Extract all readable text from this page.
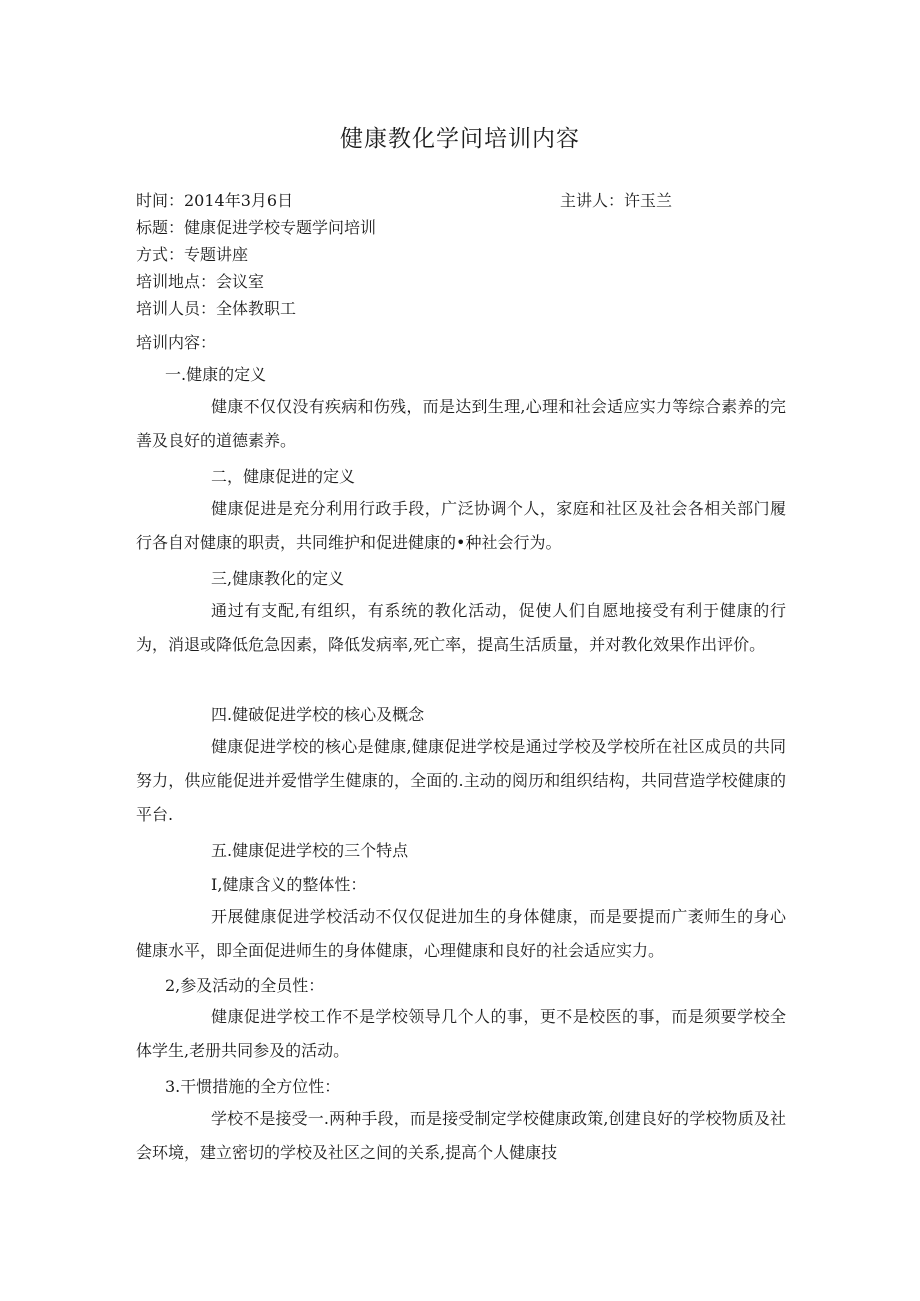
健康教化学问培训内容
时间：2014年3月6日	主讲人：许玉兰
标题：健康促进学校专题学问培训
方式：专题讲座
培训地点：会议室
培训人员：全体教职工
培训内容：
一.健康的定义
健康不仅仅没有疾病和伤残，而是达到生理,心理和社会适应实力等综合素养的完善及良好的道德素养。
二，健康促进的定义
健康促进是充分利用行政手段，广泛协调个人，家庭和社区及社会各相关部门履行各自对健康的职责，共同维护和促进健康的•种社会行为。
三,健康教化的定义
通过有支配,有组织，有系统的教化活动，促使人们自愿地接受有利于健康的行为，消退或降低危急因素，降低发病率,死亡率，提高生活质量，并对教化效果作出评价。
四.健破促进学校的核心及概念
健康促进学校的核心是健康,健康促进学校是通过学校及学校所在社区成员的共同努力，供应能促进并爱惜学生健康的，全面的.主动的阅历和组织结构，共同营造学校健康的平台.
五.健康促进学校的三个特点
I,健康含义的整体性：
开展健康促进学校活动不仅仅促进加生的身体健康，而是要提而广袤师生的身心健康水平，即全面促进师生的身体健康，心理健康和良好的社会适应实力。
2,参及活动的全员性：
健康促进学校工作不是学校领导几个人的事，更不是校医的事，而是须要学校全体学生,老册共同参及的活动。
3.干惯措施的全方位性：
学校不是接受一.两种手段，而是接受制定学校健康政策,创建良好的学校物质及社会环境，建立密切的学校及社区之间的关系,提高个人健康技
